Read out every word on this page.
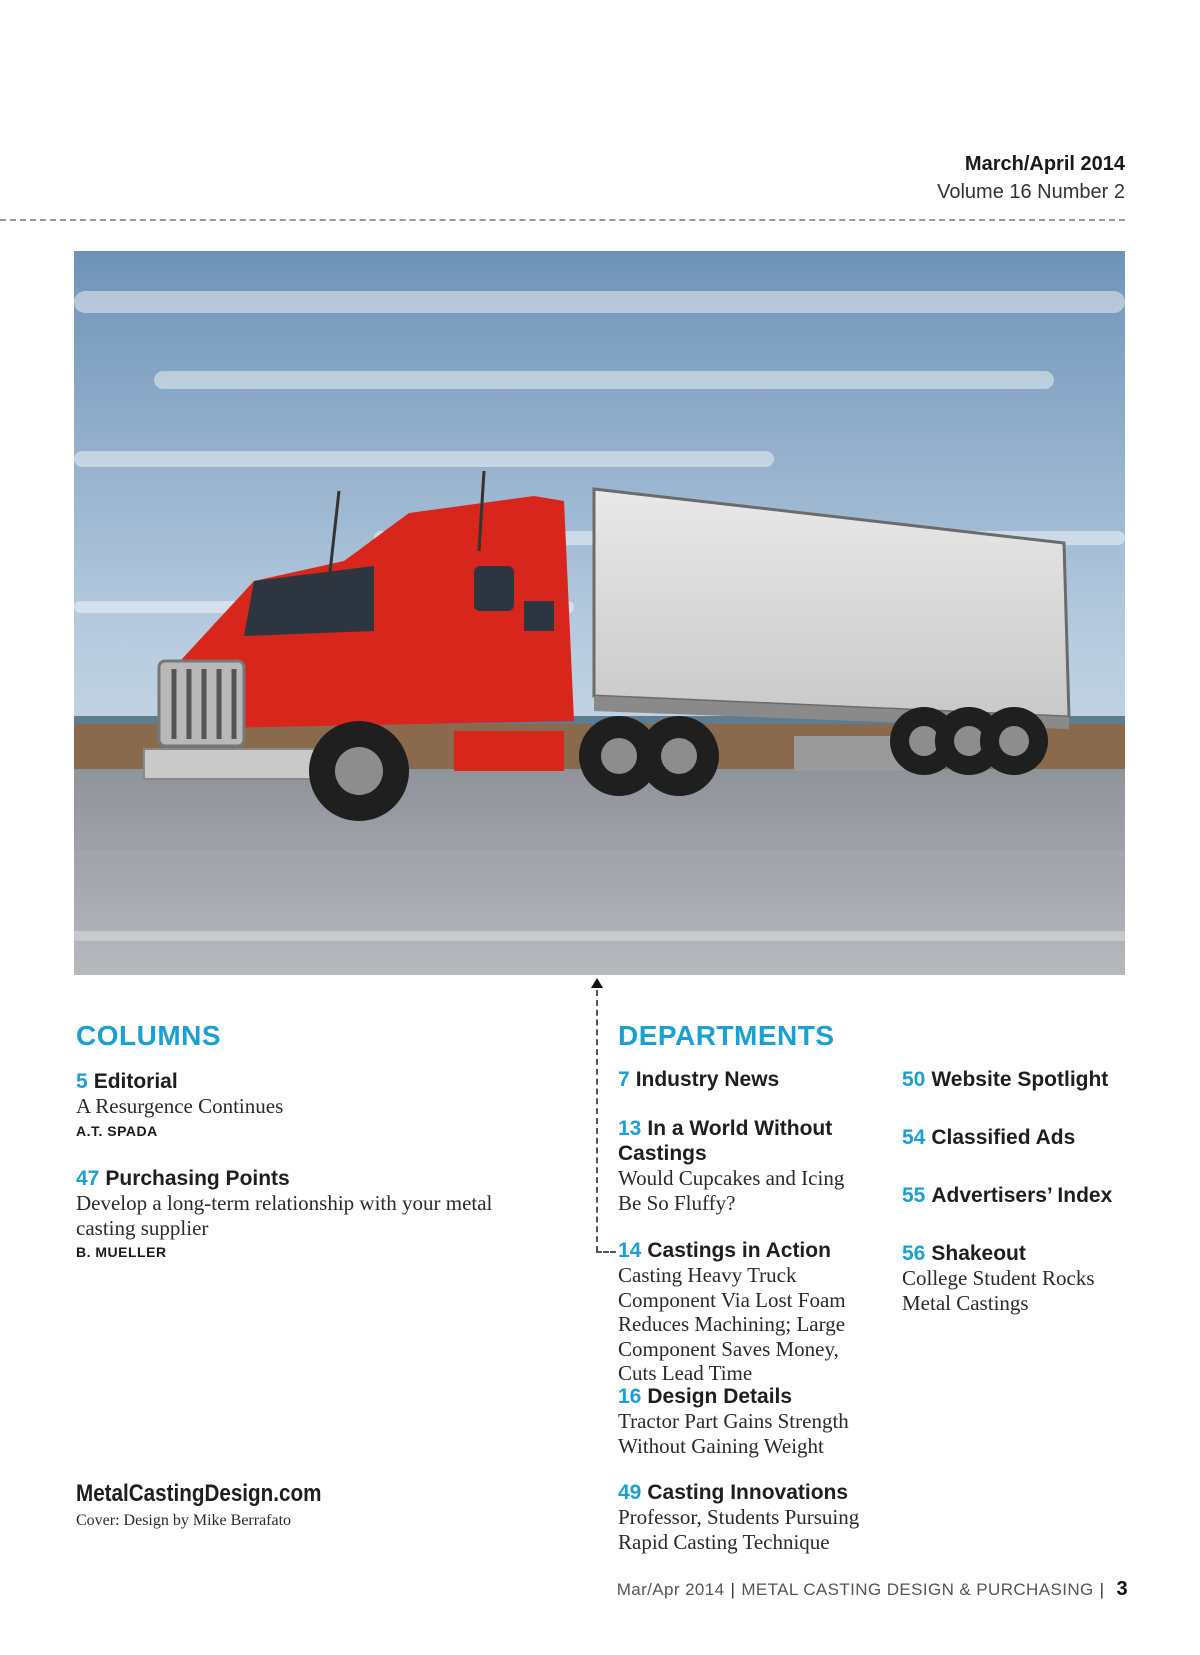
March/April 2014
Volume 16 Number 2
COLUMNS
5 Editorial
A Resurgence Continues
A.T. SPADA
47 Purchasing Points
Develop a long-term relationship with your metal casting supplier
B. MUELLER
DEPARTMENTS
7 Industry News
13 In a World Without Castings
Would Cupcakes and Icing Be So Fluffy?
14 Castings in Action
Casting Heavy Truck Component Via Lost Foam Reduces Machining; Large Component Saves Money, Cuts Lead Time
16 Design Details
Tractor Part Gains Strength Without Gaining Weight
49 Casting Innovations
Professor, Students Pursuing Rapid Casting Technique
50 Website Spotlight
54 Classified Ads
55 Advertisers’ Index
56 Shakeout
College Student Rocks Metal Castings
MetalCastingDesign.com
Cover: Design by Mike Berrafato
Mar/Apr 2014 | METAL CASTING DESIGN & PURCHASING | 3
